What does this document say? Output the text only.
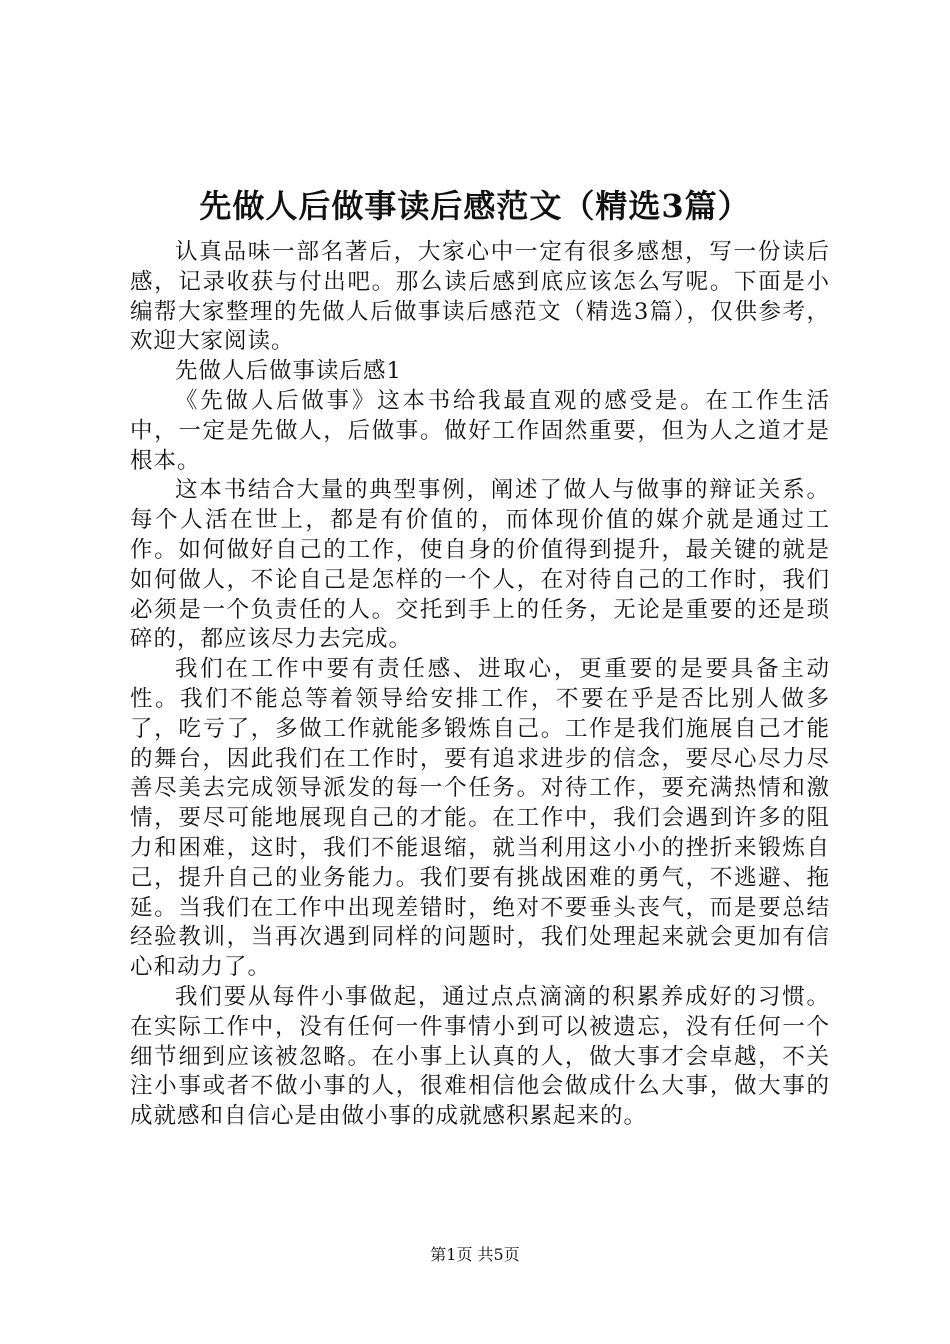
先做人后做事读后感范文（精选3篇）

认真品味一部名著后，大家心中一定有很多感想，写一份读后感，记录收获与付出吧。那么读后感到底应该怎么写呢。下面是小编帮大家整理的先做人后做事读后感范文（精选3篇），仅供参考，欢迎大家阅读。

先做人后做事读后感1

《先做人后做事》这本书给我最直观的感受是。在工作生活中，一定是先做人，后做事。做好工作固然重要，但为人之道才是根本。

这本书结合大量的典型事例，阐述了做人与做事的辩证关系。每个人活在世上，都是有价值的，而体现价值的媒介就是通过工作。如何做好自己的工作，使自身的价值得到提升，最关键的就是如何做人，不论自己是怎样的一个人，在对待自己的工作时，我们必须是一个负责任的人。交托到手上的任务，无论是重要的还是琐碎的，都应该尽力去完成。

我们在工作中要有责任感、进取心，更重要的是要具备主动性。我们不能总等着领导给安排工作，不要在乎是否比别人做多了，吃亏了，多做工作就能多锻炼自己。工作是我们施展自己才能的舞台，因此我们在工作时，要有追求进步的信念，要尽心尽力尽善尽美去完成领导派发的每一个任务。对待工作，要充满热情和激情，要尽可能地展现自己的才能。在工作中，我们会遇到许多的阻力和困难，这时，我们不能退缩，就当利用这小小的挫折来锻炼自己，提升自己的业务能力。我们要有挑战困难的勇气，不逃避、拖延。当我们在工作中出现差错时，绝对不要垂头丧气，而是要总结经验教训，当再次遇到同样的问题时，我们处理起来就会更加有信心和动力了。

我们要从每件小事做起，通过点点滴滴的积累养成好的习惯。在实际工作中，没有任何一件事情小到可以被遗忘，没有任何一个细节细到应该被忽略。在小事上认真的人，做大事才会卓越，不关注小事或者不做小事的人，很难相信他会做成什么大事，做大事的成就感和自信心是由做小事的成就感积累起来的。

第1页 共5页
